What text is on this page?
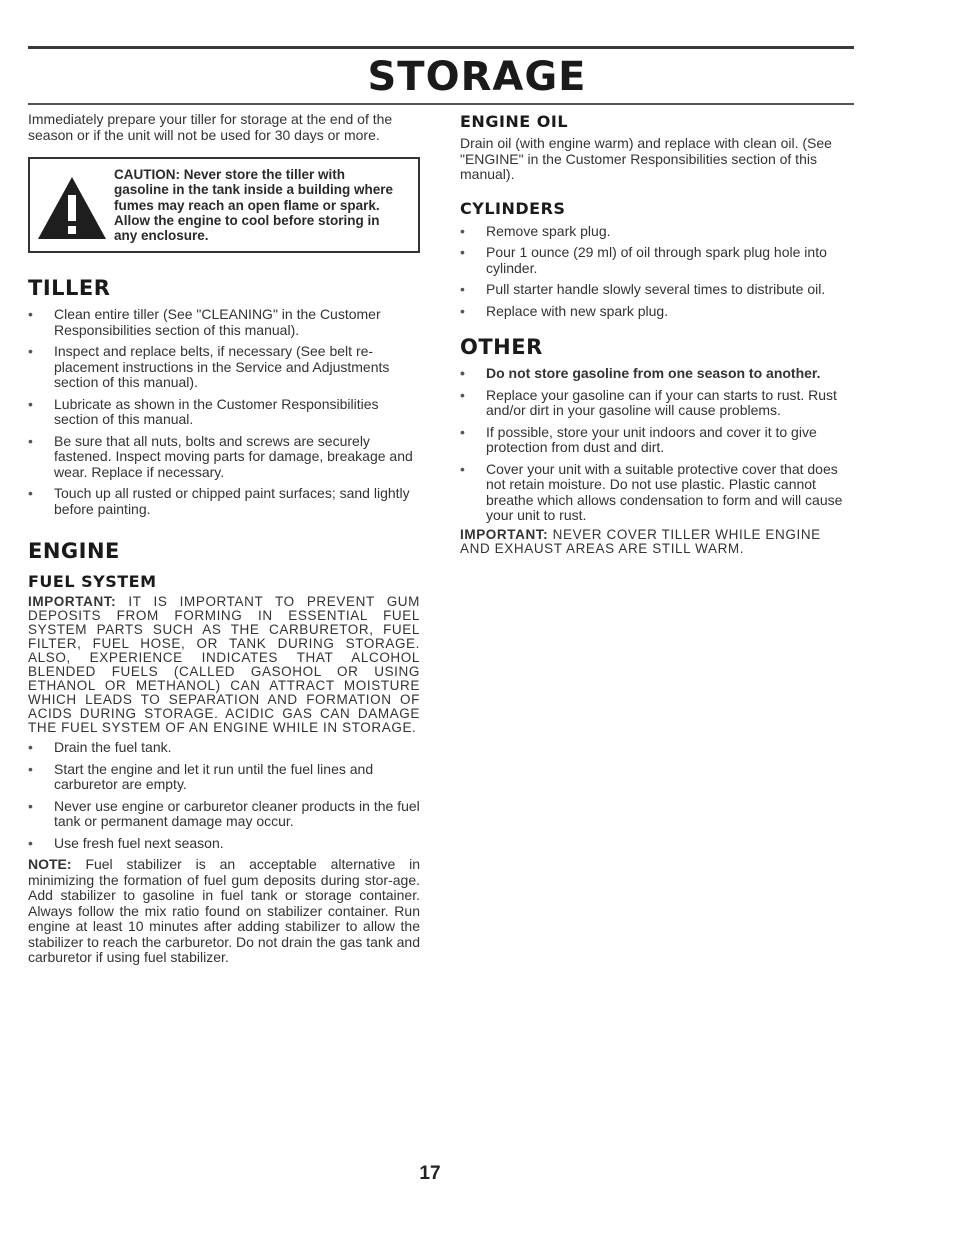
STORAGE

Immediately prepare your tiller for storage at the end of the season or if the unit will not be used for 30 days or more.

CAUTION: Never store the tiller with gasoline in the tank inside a building where fumes may reach an open flame or spark. Allow the engine to cool before storing in any enclosure.
TILLER
• Clean entire tiller (See "CLEANING" in the Customer Responsibilities section of this manual).
• Inspect and replace belts, if necessary (See belt re-placement instructions in the Service and Adjustments section of this manual).
• Lubricate as shown in the Customer Responsibilities section of this manual.
• Be sure that all nuts, bolts and screws are securely fastened. Inspect moving parts for damage, breakage and wear. Replace if necessary.
• Touch up all rusted or chipped paint surfaces; sand lightly before painting.
ENGINE
FUEL SYSTEM

IMPORTANT: IT IS IMPORTANT TO PREVENT GUM DEPOSITS FROM FORMING IN ESSENTIAL FUEL SYSTEM PARTS SUCH AS THE CARBURETOR, FUEL FILTER, FUEL HOSE, OR TANK DURING STORAGE. ALSO, EXPERIENCE INDICATES THAT ALCOHOL BLENDED FUELS (CALLED GASOHOL OR USING ETHANOL OR METHANOL) CAN ATTRACT MOISTURE WHICH LEADS TO SEPARATION AND FORMATION OF ACIDS DURING STORAGE. ACIDIC GAS CAN DAMAGE THE FUEL SYSTEM OF AN ENGINE WHILE IN STORAGE.

• Drain the fuel tank.
• Start the engine and let it run until the fuel lines and carburetor are empty.
• Never use engine or carburetor cleaner products in the fuel tank or permanent damage may occur.
• Use fresh fuel next season.

NOTE: Fuel stabilizer is an acceptable alternative in minimizing the formation of fuel gum deposits during stor-age. Add stabilizer to gasoline in fuel tank or storage container. Always follow the mix ratio found on stabilizer container. Run engine at least 10 minutes after adding stabilizer to allow the stabilizer to reach the carburetor. Do not drain the gas tank and carburetor if using fuel stabilizer.

ENGINE OIL

Drain oil (with engine warm) and replace with clean oil. (See "ENGINE" in the Customer Responsibilities section of this manual).

CYLINDERS
• Remove spark plug.
• Pour 1 ounce (29 ml) of oil through spark plug hole into cylinder.
• Pull starter handle slowly several times to distribute oil.
• Replace with new spark plug.
OTHER
• Do not store gasoline from one season to another.
• Replace your gasoline can if your can starts to rust. Rust and/or dirt in your gasoline will cause problems.
• If possible, store your unit indoors and cover it to give protection from dust and dirt.
• Cover your unit with a suitable protective cover that does not retain moisture. Do not use plastic. Plastic cannot breathe which allows condensation to form and will cause your unit to rust.

IMPORTANT: NEVER COVER TILLER WHILE ENGINE AND EXHAUST AREAS ARE STILL WARM.

17
